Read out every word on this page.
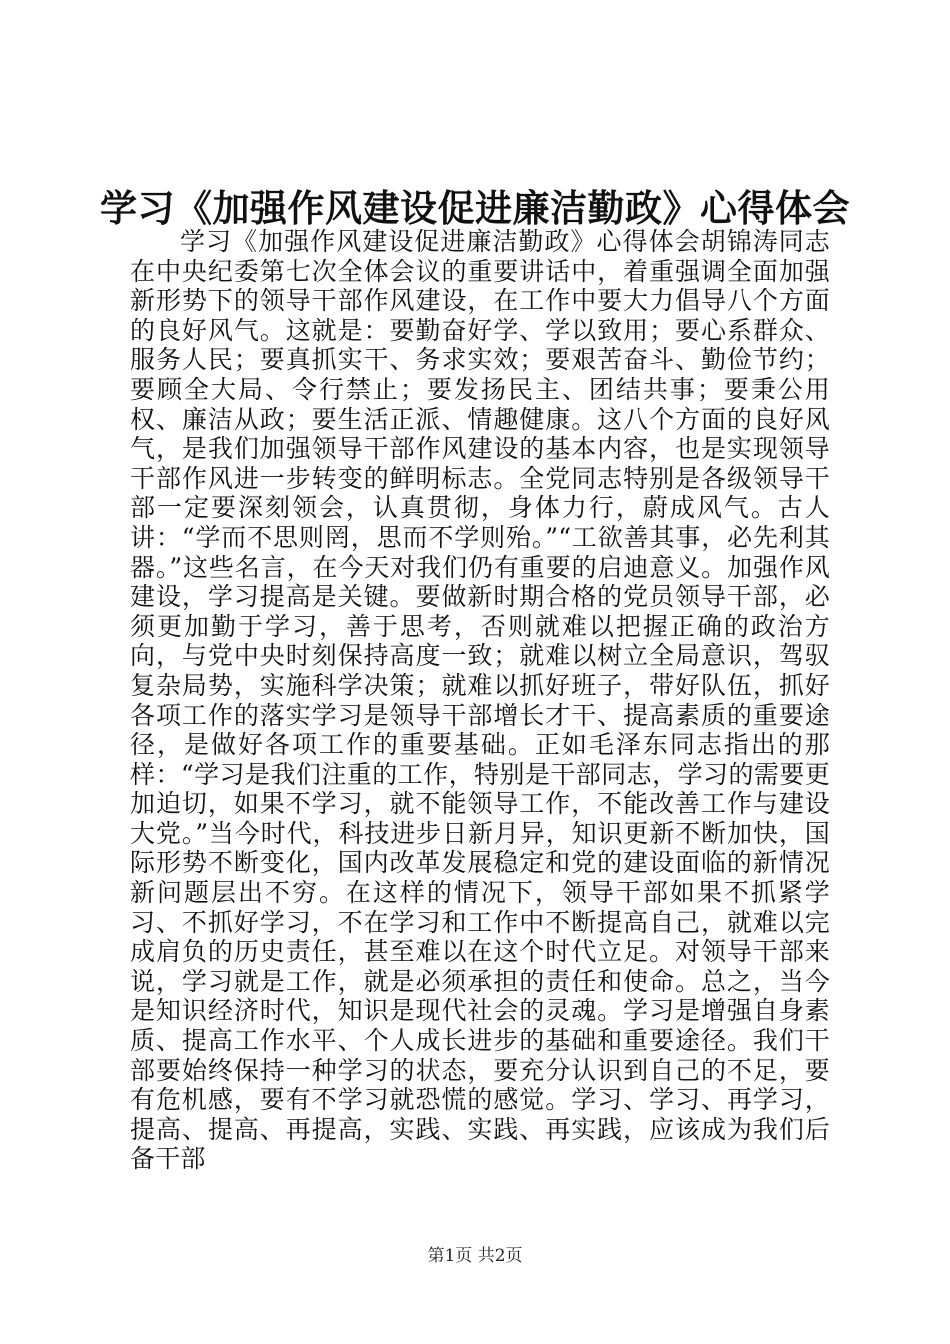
学习《加强作风建设促进廉洁勤政》心得体会

学习《加强作风建设促进廉洁勤政》心得体会胡锦涛同志在中央纪委第七次全体会议的重要讲话中，着重强调全面加强新形势下的领导干部作风建设，在工作中要大力倡导八个方面的良好风气。这就是：要勤奋好学、学以致用；要心系群众、服务人民；要真抓实干、务求实效；要艰苦奋斗、勤俭节约；要顾全大局、令行禁止；要发扬民主、团结共事；要秉公用权、廉洁从政；要生活正派、情趣健康。这八个方面的良好风气，是我们加强领导干部作风建设的基本内容，也是实现领导干部作风进一步转变的鲜明标志。全党同志特别是各级领导干部一定要深刻领会，认真贯彻，身体力行，蔚成风气。古人讲：“学而不思则罔，思而不学则殆。”“工欲善其事，必先利其器。”这些名言，在今天对我们仍有重要的启迪意义。加强作风建设，学习提高是关键。要做新时期合格的党员领导干部，必须更加勤于学习，善于思考，否则就难以把握正确的政治方向，与党中央时刻保持高度一致；就难以树立全局意识，驾驭复杂局势，实施科学决策；就难以抓好班子，带好队伍，抓好各项工作的落实学习是领导干部增长才干、提高素质的重要途径，是做好各项工作的重要基础。正如毛泽东同志指出的那样：“学习是我们注重的工作，特别是干部同志，学习的需要更加迫切，如果不学习，就不能领导工作，不能改善工作与建设大党。”当今时代，科技进步日新月异，知识更新不断加快，国际形势不断变化，国内改革发展稳定和党的建设面临的新情况新问题层出不穷。在这样的情况下，领导干部如果不抓紧学习、不抓好学习，不在学习和工作中不断提高自己，就难以完成肩负的历史责任，甚至难以在这个时代立足。对领导干部来说，学习就是工作，就是必须承担的责任和使命。总之，当今是知识经济时代，知识是现代社会的灵魂。学习是增强自身素质、提高工作水平、个人成长进步的基础和重要途径。我们干部要始终保持一种学习的状态，要充分认识到自己的不足，要有危机感，要有不学习就恐慌的感觉。学习、学习、再学习，提高、提高、再提高，实践、实践、再实践，应该成为我们后备干部

第1页 共2页
